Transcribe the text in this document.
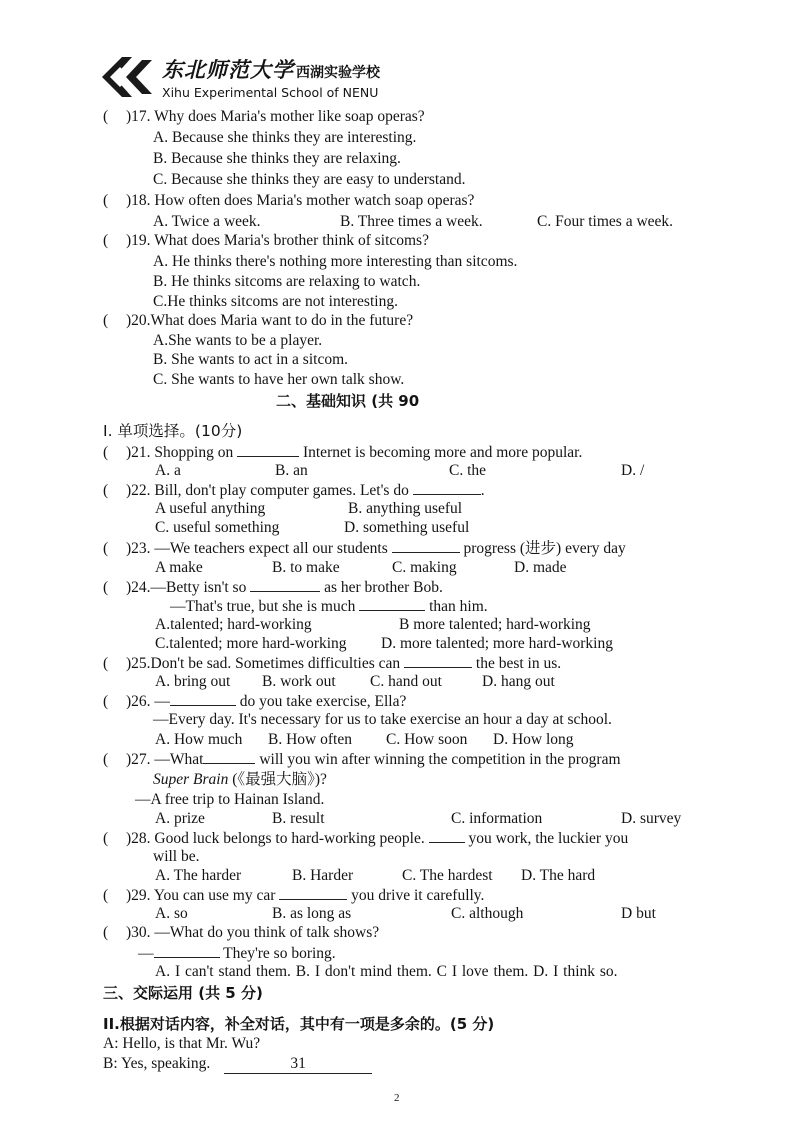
东北师范大学 西湖实验学校
Xihu Experimental School of NENU
( )17. Why does Maria's mother like soap operas?
A. Because she thinks they are interesting.
B. Because she thinks they are relaxing.
C. Because she thinks they are easy to understand.
( )18. How often does Maria's mother watch soap operas?
A. Twice a week.	B. Three times a week.	C. Four times a week.
( )19. What does Maria's brother think of sitcoms?
A. He thinks there's nothing more interesting than sitcoms.
B. He thinks sitcoms are relaxing to watch.
C.He thinks sitcoms are not interesting.
( )20.What does Maria want to do in the future?
A.She wants to be a player.
B. She wants to act in a sitcom.
C. She wants to have her own talk show.
二、基础知识 (共 90
I. 单项选择。(10分)
( )21. Shopping on	Internet is becoming more and more popular.
A. a	B. an	C. the	D. /
( )22. Bill, don't play computer games. Let's do	.
A useful anything	B. anything useful
C. useful something	D. something useful
( )23. —We teachers expect all our students	progress (进步) every day
A make	B. to make	C. making	D. made
( )24.—Betty isn't so	as her brother Bob.
—That's true, but she is much	than him.
A.talented; hard-working	B more talented; hard-working
C.talented; more hard-working D. more talented; more hard-working
( )25.Don't be sad. Sometimes difficulties can	the best in us.
A. bring out B. work out C. hand out	D. hang out
( )26. —	do you take exercise, Ella?
—Every day. It's necessary for us to take exercise an hour a day at school.
A. How much B. How often C. How soon D. How long
( )27. —What	will you win after winning the competition in the program
Super Brain (《最强大脑》)?
—A free trip to Hainan Island.
A. prize	B. result	C. information	D. survey
( )28. Good luck belongs to hard-working people.	you work, the luckier you
will be.
A. The harder	B. Harder	C. The hardest D. The hard
( )29. You can use my car	you drive it carefully.
A. so	B. as long as	C. although	D but
( )30. —What do you think of talk shows?
—	They're so boring.
A. I can't stand them. B. I don't mind them. C I love them. D. I think so.
三、交际运用 (共 5 分)
II.根据对话内容，补全对话，其中有一项是多余的。(5 分)
A: Hello, is that Mr. Wu?
B: Yes, speaking.	31
2
